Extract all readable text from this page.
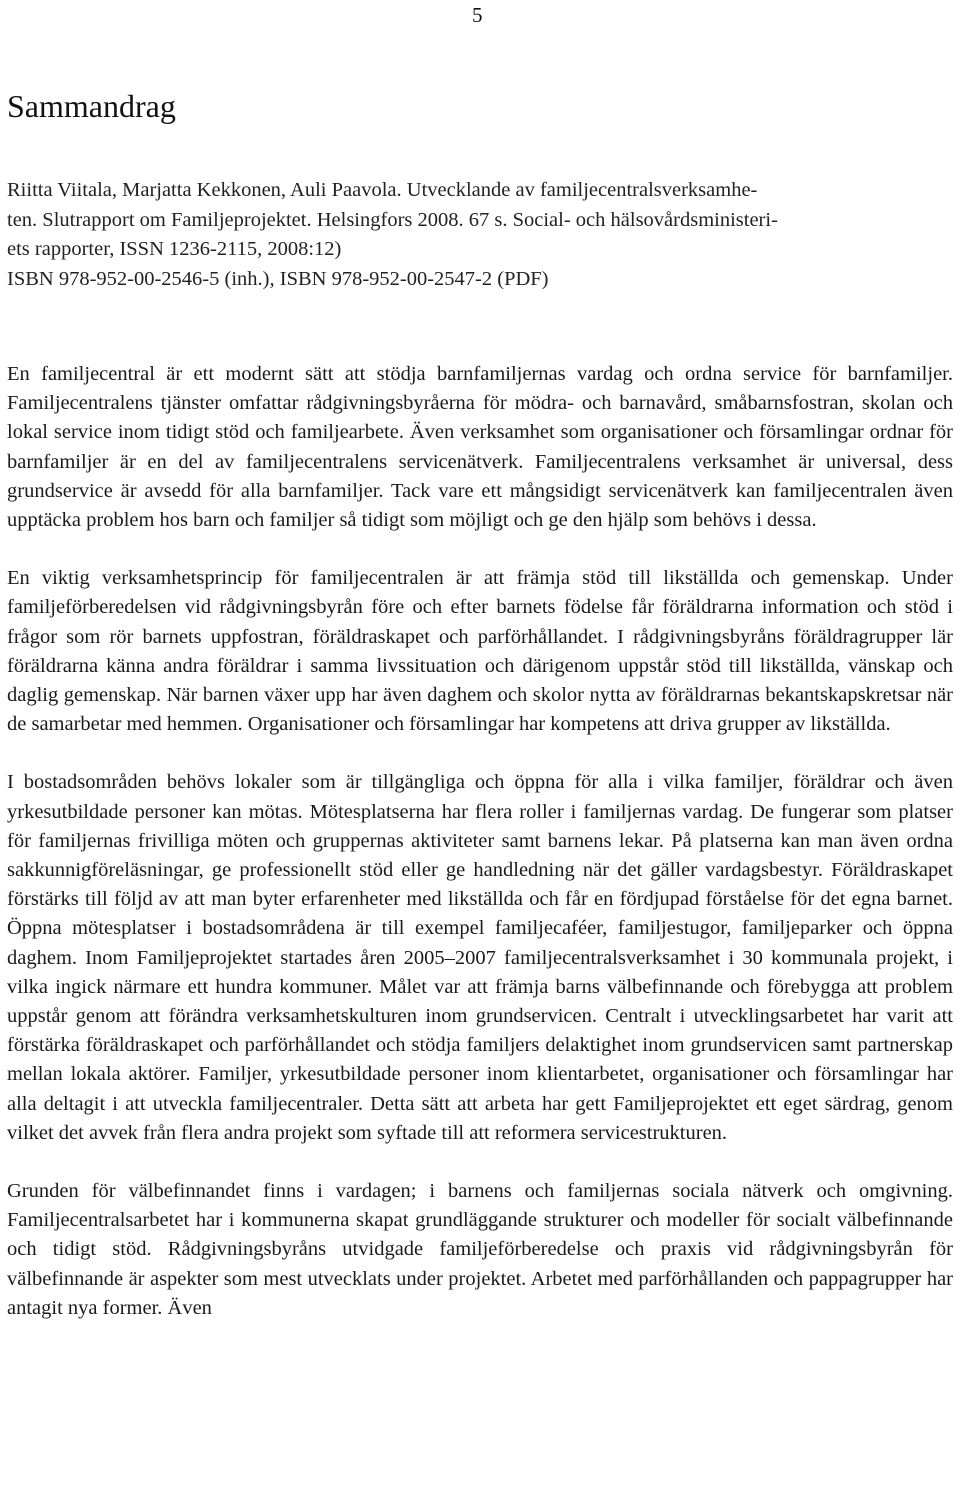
5
Sammandrag
Riitta Viitala, Marjatta Kekkonen, Auli Paavola. Utvecklande av familjecentralsverksamhe-
ten. Slutrapport om Familjeprojektet. Helsingfors 2008. 67 s. Social- och hälsovårdsministeri-
ets rapporter, ISSN 1236-2115, 2008:12)
ISBN 978-952-00-2546-5 (inh.), ISBN 978-952-00-2547-2 (PDF)

En familjecentral är ett modernt sätt att stödja barnfamiljernas vardag och ordna service för barnfamiljer. Familjecentralens tjänster omfattar rådgivningsbyråerna för mödra- och barnavård, småbarnsfostran, skolan och lokal service inom tidigt stöd och familjearbete. Även verksamhet som organisationer och församlingar ordnar för barnfamiljer är en del av familjecentralens servicenätverk. Familjecentralens verksamhet är universal, dess grundservice är avsedd för alla barnfamiljer. Tack vare ett mångsidigt servicenätverk kan familjecentralen även upptäcka problem hos barn och familjer så tidigt som möjligt och ge den hjälp som behövs i dessa.

En viktig verksamhetsprincip för familjecentralen är att främja stöd till likställda och gemenskap. Under familjeförberedelsen vid rådgivningsbyrån före och efter barnets födelse får föräldrarna information och stöd i frågor som rör barnets uppfostran, föräldraskapet och parförhållandet. I rådgivningsbyråns föräldragrupper lär föräldrarna känna andra föräldrar i samma livssituation och därigenom uppstår stöd till likställda, vänskap och daglig gemenskap. När barnen växer upp har även daghem och skolor nytta av föräldrarnas bekantskapskretsar när de samarbetar med hemmen. Organisationer och församlingar har kompetens att driva grupper av likställda.

I bostadsområden behövs lokaler som är tillgängliga och öppna för alla i vilka familjer, föräldrar och även yrkesutbildade personer kan mötas. Mötesplatserna har flera roller i familjernas vardag. De fungerar som platser för familjernas frivilliga möten och gruppernas aktiviteter samt barnens lekar. På platserna kan man även ordna sakkunnigföreläsningar, ge professionellt stöd eller ge handledning när det gäller vardagsbestyr. Föräldraskapet förstärks till följd av att man byter erfarenheter med likställda och får en fördjupad förståelse för det egna barnet. Öppna mötesplatser i bostadsområdena är till exempel familjecaféer, familjestugor, familjeparker och öppna daghem. Inom Familjeprojektet startades åren 2005–2007 familjecentralsverksamhet i 30 kommunala projekt, i vilka ingick närmare ett hundra kommuner. Målet var att främja barns välbefinnande och förebygga att problem uppstår genom att förändra verksamhetskulturen inom grundservicen. Centralt i utvecklingsarbetet har varit att förstärka föräldraskapet och parförhållandet och stödja familjers delaktighet inom grundservicen samt partnerskap mellan lokala aktörer. Familjer, yrkesutbildade personer inom klientarbetet, organisationer och församlingar har alla deltagit i att utveckla familjecentraler. Detta sätt att arbeta har gett Familjeprojektet ett eget särdrag, genom vilket det avvek från flera andra projekt som syftade till att reformera servicestrukturen.

Grunden för välbefinnandet finns i vardagen; i barnens och familjernas sociala nätverk och omgivning. Familjecentralsarbetet har i kommunerna skapat grundläggande strukturer och modeller för socialt välbefinnande och tidigt stöd. Rådgivningsbyråns utvidgade familjeförberedelse och praxis vid rådgivningsbyrån för välbefinnande är aspekter som mest utvecklats under projektet. Arbetet med parförhållanden och pappagrupper har antagit nya former. Även
